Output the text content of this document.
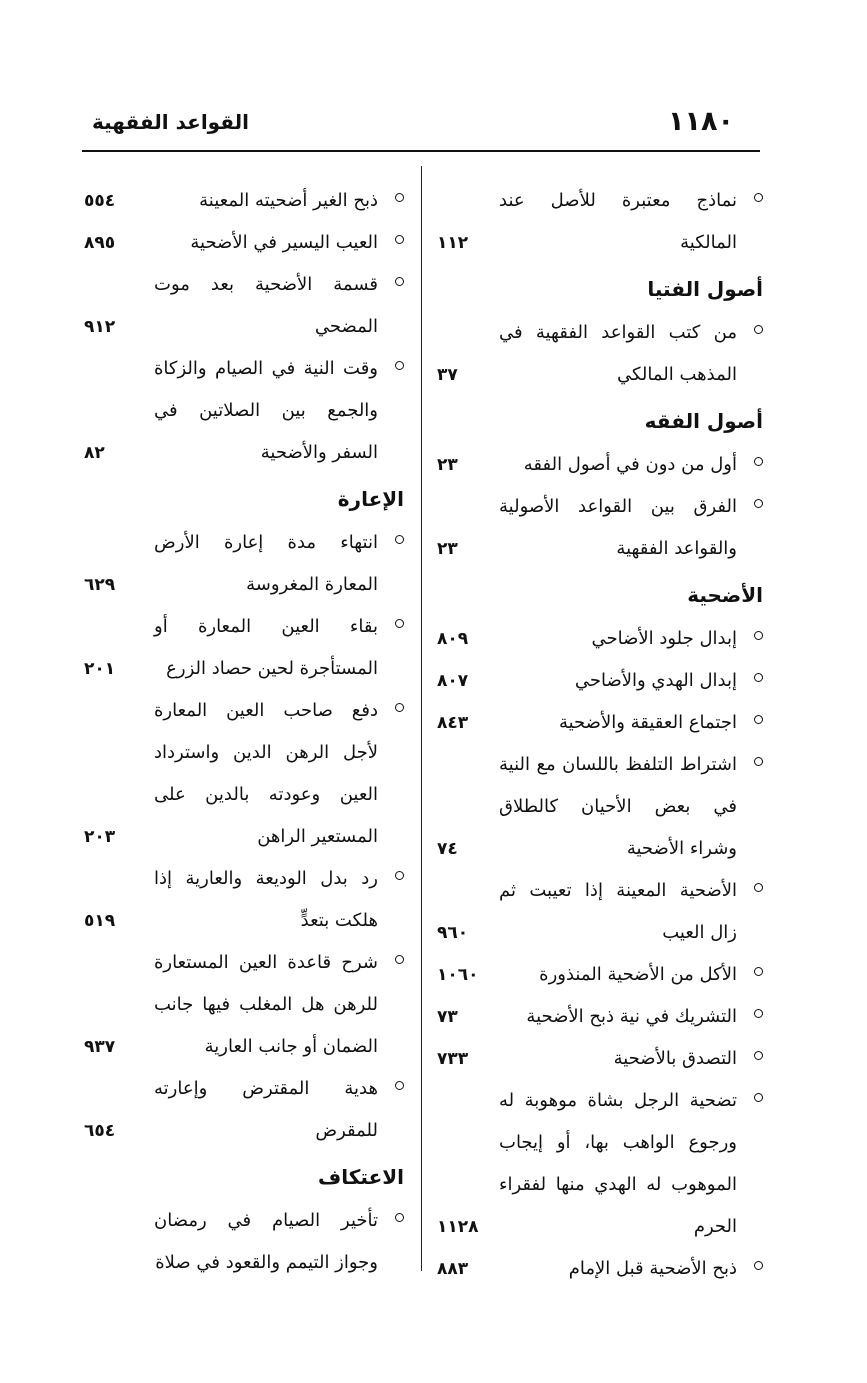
١١٨٠
القواعد الفقهية
نماذج معتبرة للأصل عند المالكية
١١٢
أصول الفتيا
من كتب القواعد الفقهية في المذهب المالكي
٣٧
أصول الفقه
أول من دون في أصول الفقه
٢٣
الفرق بين القواعد الأصولية والقواعد الفقهية
٢٣
الأضحية
إبدال جلود الأضاحي
٨٠٩
إبدال الهدي والأضاحي
٨٠٧
اجتماع العقيقة والأضحية
٨٤٣
اشتراط التلفظ باللسان مع النية في بعض الأحيان كالطلاق وشراء الأضحية
٧٤
الأضحية المعينة إذا تعيبت ثم زال العيب
٩٦٠
الأكل من الأضحية المنذورة
١٠٦٠
التشريك في نية ذبح الأضحية
٧٣
التصدق بالأضحية
٧٣٣
تضحية الرجل بشاة موهوبة له ورجوع الواهب بها، أو إيجاب الموهوب له الهدي منها لفقراء الحرم
١١٢٨
ذبح الأضحية قبل الإمام
٨٨٣
ذبح الغير أضحيته المعينة
٥٥٤
العيب اليسير في الأضحية
٨٩٥
قسمة الأضحية بعد موت المضحي
٩١٢
وقت النية في الصيام والزكاة والجمع بين الصلاتين في السفر والأضحية
٨٢
الإعارة
انتهاء مدة إعارة الأرض المعارة المغروسة
٦٢٩
بقاء العين المعارة أو المستأجرة لحين حصاد الزرع
٢٠١
دفع صاحب العين المعارة لأجل الرهن الدين واسترداد العين وعودته بالدين على المستعير الراهن
٢٠٣
رد بدل الوديعة والعارية إذا هلكت بتعدٍّ
٥١٩
شرح قاعدة العين المستعارة للرهن هل المغلب فيها جانب الضمان أو جانب العارية
٩٣٧
هدية المقترض وإعارته للمقرض
٦٥٤
الاعتكاف
تأخير الصيام في رمضان وجواز التيمم والقعود في صلاة
